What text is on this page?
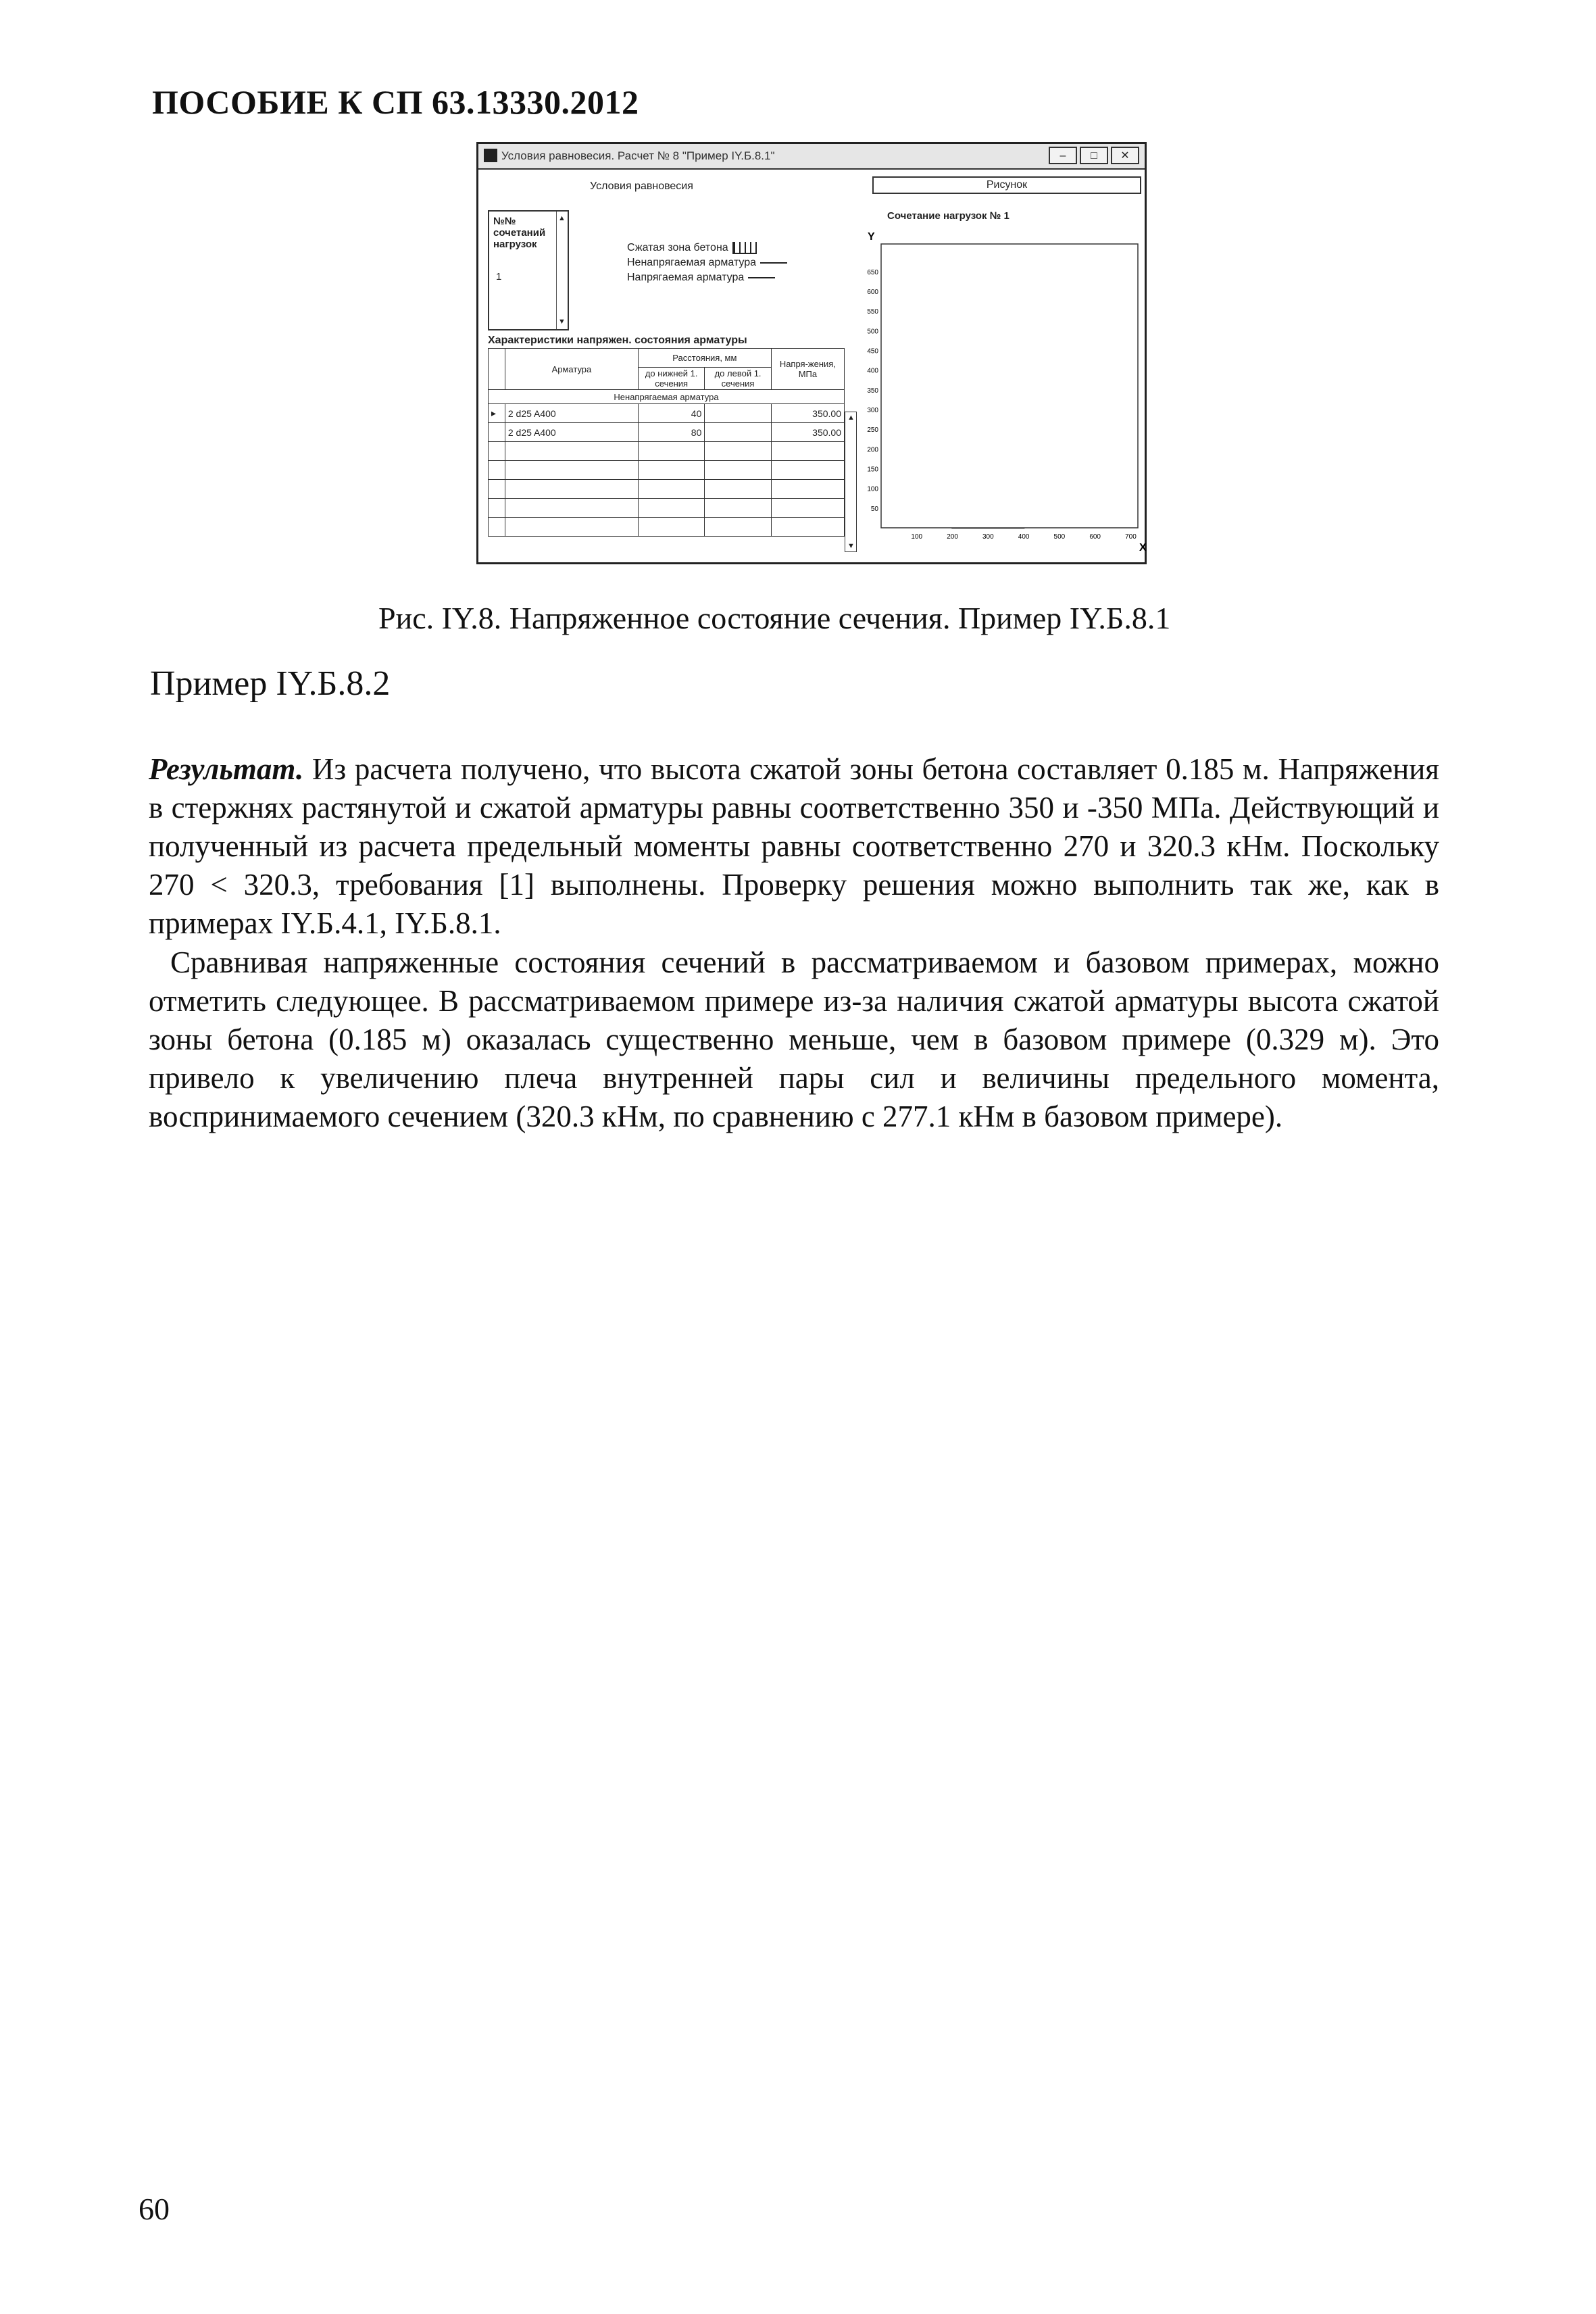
ПОСОБИЕ К СП 63.13330.2012
Условия равновесия. Расчет № 8 "Пример IY.Б.8.1"	–	□	✕
Условия равновесия
№№ сочетаний нагрузок
1
▲
▼
Сжатая зона бетона
Ненапрягаемая арматура
Напрягаемая арматура
Характеристики напряжен. состояния арматуры
	Арматура	Расстояния, мм		Напря-жения, МПа
		до нижней 1. сечения	до левой 1. сечения	
Ненапрягаемая арматура				
▸	2 d25 A400	40		350.00
	2 d25 A400	80		350.00

▲
▼
Рисунок
Сочетание нагрузок № 1
700
600
500
400
300
200
100
650
600
550
500
450
400
350
300
250
200
150
100
50
Y
X
Рис. IY.8. Напряженное состояние сечения. Пример IY.Б.8.1
Пример IY.Б.8.2

Результат. Из расчета получено, что высота сжатой зоны бетона составляет 0.185 м. Напряжения в стержнях растянутой и сжатой арматуры равны соответственно 350 и -350 МПа. Действующий и полученный из расчета предельный моменты равны соответственно 270 и 320.3 кНм. Поскольку 270 < 320.3, требования [1] выполнены. Проверку решения можно выполнить так же, как в примерах IY.Б.4.1, IY.Б.8.1.

Сравнивая напряженные состояния сечений в рассматриваемом и базовом примерах, можно отметить следующее. В рассматриваемом примере из-за наличия сжатой арматуры высота сжатой зоны бетона (0.185 м) оказалась существенно меньше, чем в базовом примере (0.329 м). Это привело к увеличению плеча внутренней пары сил и величины предельного момента, воспринимаемого сечением (320.3 кНм, по сравнению с 277.1 кНм в базовом примере).

60
